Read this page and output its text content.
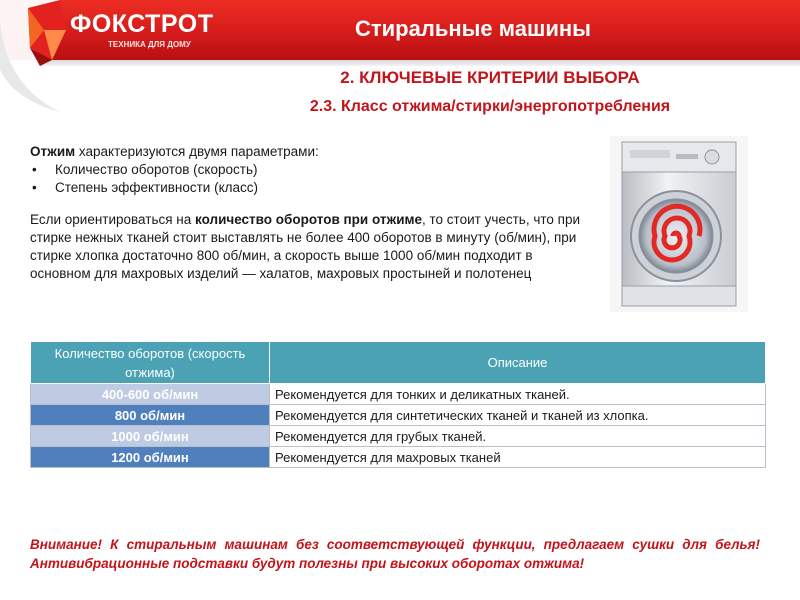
ФОКСТРОТ
ТЕХНИКА ДЛЯ ДОМУ
Стиральные машины
2. КЛЮЧЕВЫЕ КРИТЕРИИ ВЫБОРА
2.3. Класс отжима/стирки/энергопотребления
Отжим характеризуются двумя параметрами:
• Количество оборотов (скорость)
• Степень эффективности (класс)
Если ориентироваться на количество оборотов при отжиме, то стоит учесть, что при стирке нежных тканей стоит выставлять не более 400 оборотов в минуту (об/мин), при стирке хлопка достаточно 800 об/мин, а скорость выше 1000 об/мин подходит в основном для махровых изделий — халатов, махровых простыней и полотенец
Количество оборотов (скорость отжима)	Описание
400-600 об/мин	Рекомендуется для тонких и деликатных тканей.
800 об/мин	Рекомендуется для синтетических тканей и тканей из хлопка.
1000 об/мин	Рекомендуется для грубых тканей.
1200 об/мин	Рекомендуется для махровых тканей
Внимание! К стиральным машинам без соответствующей функции, предлагаем сушки для белья! Антивибрационные подставки будут полезны при высоких оборотах отжима!
